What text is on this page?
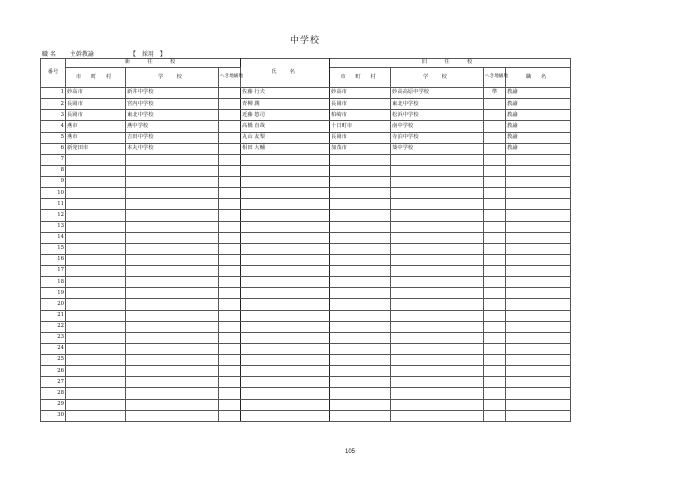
中学校
職 名 主幹教諭	【　採用　】
番号	新　任　校			氏　名	旧　任　校			
	市 町 村	学　校	へき地級地		市 町 村	学　校	へき地級地	職 名
1	妙高市	新井中学校		佐藤 行夫	妙高市	妙高高原中学校	準	教諭
2	長岡市	宮内中学校		青柳 潤	長岡市	東北中学校		教諭
3	長岡市	東北中学校		近藤 悠司	柏崎市	松浜中学校		教諭
4	燕市	燕中学校		高橋 直哉	十日町市	南中学校		教諭
5	燕市	吉田中学校		丸山 友梨	長岡市	寺泊中学校		教諭
6	新発田市	本丸中学校		相田 大輔	加茂市	葵中学校		教諭
7								
8								
9								
10								
11								
12								
13								
14								
15								
16								
17								
18								
19								
20								
21								
22								
23								
24								
25								
26								
27								
28								
29								
30								
105
